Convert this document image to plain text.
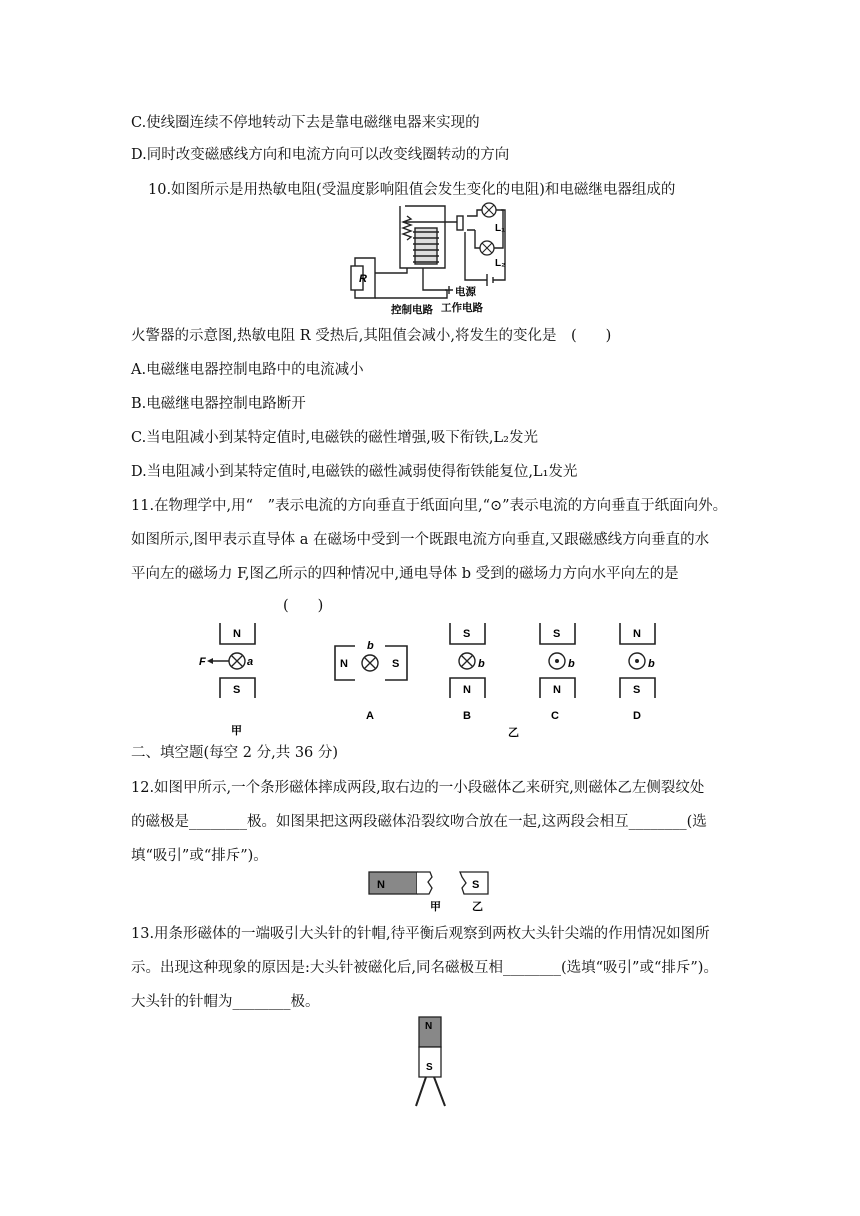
C.使线圈连续不停地转动下去是靠电磁继电器来实现的
D.同时改变磁感线方向和电流方向可以改变线圈转动的方向
10.如图所示是用热敏电阻(受温度影响阻值会发生变化的电阻)和电磁继电器组成的
R
L₁
L₂
电源
工作电路
控制电路
火警器的示意图,热敏电阻 R 受热后,其阻值会减小,将发生的变化是　(　　)
A.电磁继电器控制电路中的电流减小
B.电磁继电器控制电路断开
C.当电阻减小到某特定值时,电磁铁的磁性增强,吸下衔铁,L₂发光
D.当电阻减小到某特定值时,电磁铁的磁性减弱使得衔铁能复位,L₁发光
11.在物理学中,用“　”表示电流的方向垂直于纸面向里,“⊙”表示电流的方向垂直于纸面向外。
如图所示,图甲表示直导体 a 在磁场中受到一个既跟电流方向垂直,又跟磁感线方向垂直的水
平向左的磁场力 F,图乙所示的四种情况中,通电导体 b 受到的磁场力方向水平向左的是
(　　)
N
S
F	a	N	S
b
S
N
b
S
N
b
N
S
b
A	B	C	D
甲	乙
二、填空题(每空 2 分,共 36 分)
12.如图甲所示,一个条形磁体摔成两段,取右边的一小段磁体乙来研究,则磁体乙左侧裂纹处
的磁极是________极。如图果把这两段磁体沿裂纹吻合放在一起,这两段会相互________(选
填“吸引”或“排斥”)。
N	S
甲	乙
13.用条形磁体的一端吸引大头针的针帽,待平衡后观察到两枚大头针尖端的作用情况如图所
示。出现这种现象的原因是:大头针被磁化后,同名磁极互相________(选填“吸引”或“排斥”)。
大头针的针帽为________极。
N
S
